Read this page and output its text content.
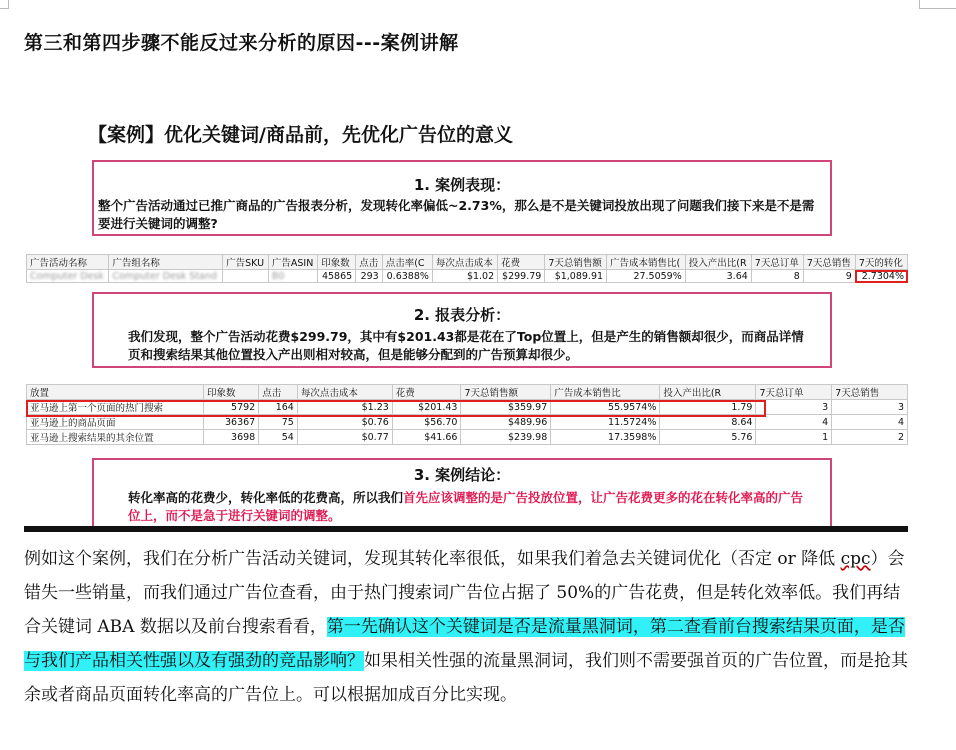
第三和第四步骤不能反过来分析的原因---案例讲解
【案例】优化关键词/商品前，先优化广告位的意义
1. 案例表现：
整个广告活动通过已推广商品的广告报表分析，发现转化率偏低~2.73%，那么是不是关键词投放出现了问题我们接下来是不是需要进行关键词的调整?
广告活动名称	广告组名称	广告SKU	广告ASIN	印象数	点击	点击率(C	每次点击成本	花费	7天总销售额	广告成本销售比(	投入产出比(R	7天总订单	7天总销售	7天的转化
Computer Desk	Computer Desk Stand		B0	45865	293	0.6388%	$1.02	$299.79	$1,089.91	27.5059%	3.64	8	9	2.7304%
2. 报表分析：
我们发现，整个广告活动花费$299.79，其中有$201.43都是花在了Top位置上，但是产生的销售额却很少，而商品详情页和搜索结果其他位置投入产出则相对较高，但是能够分配到的广告预算却很少。
放置	印象数	点击	每次点击成本	花费	7天总销售额	广告成本销售比	投入产出比(R	7天总订单	7天总销售
亚马逊上第一个页面的热门搜索	5792	164	$1.23	$201.43	$359.97	55.9574%	1.79	3	3
亚马逊上的商品页面	36367	75	$0.76	$56.70	$489.96	11.5724%	8.64	4	4
亚马逊上搜索结果的其余位置	3698	54	$0.77	$41.66	$239.98	17.3598%	5.76	1	2
3. 案例结论：
转化率高的花费少，转化率低的花费高，所以我们首先应该调整的是广告投放位置，让广告花费更多的花在转化率高的广告位上，而不是急于进行关键词的调整。
例如这个案例，我们在分析广告活动关键词，发现其转化率很低，如果我们着急去关键词优化（否定 or 降低 cpc）会错失一些销量，而我们通过广告位查看，由于热门搜索词广告位占据了 50%的广告花费，但是转化效率低。我们再结合关键词 ABA 数据以及前台搜索看看，第一先确认这个关键词是否是流量黑洞词，第二查看前台搜索结果页面，是否与我们产品相关性强以及有强劲的竞品影响？如果相关性强的流量黑洞词，我们则不需要强首页的广告位置，而是抢其余或者商品页面转化率高的广告位上。可以根据加成百分比实现。
